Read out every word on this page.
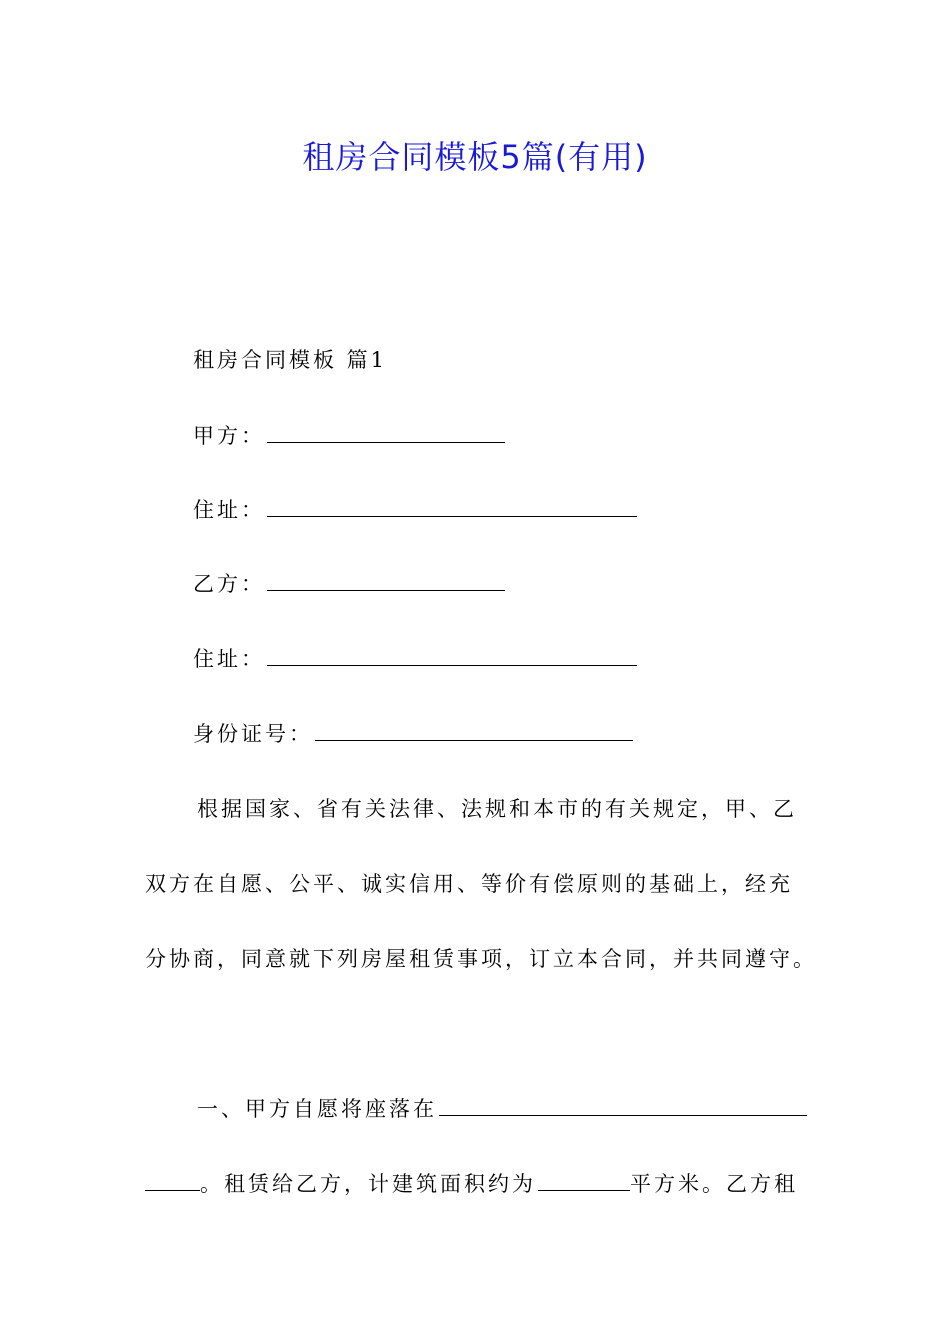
租房合同模板5篇(有用)
租房合同模板 篇1
甲方：
住址：
乙方：
住址：
身份证号：
根据国家、省有关法律、法规和本市的有关规定，甲、乙
双方在自愿、公平、诚实信用、等价有偿原则的基础上，经充
分协商，同意就下列房屋租赁事项，订立本合同，并共同遵守。
一、甲方自愿将座落在
。租赁给乙方，计建筑面积约为	平方米。乙方租
